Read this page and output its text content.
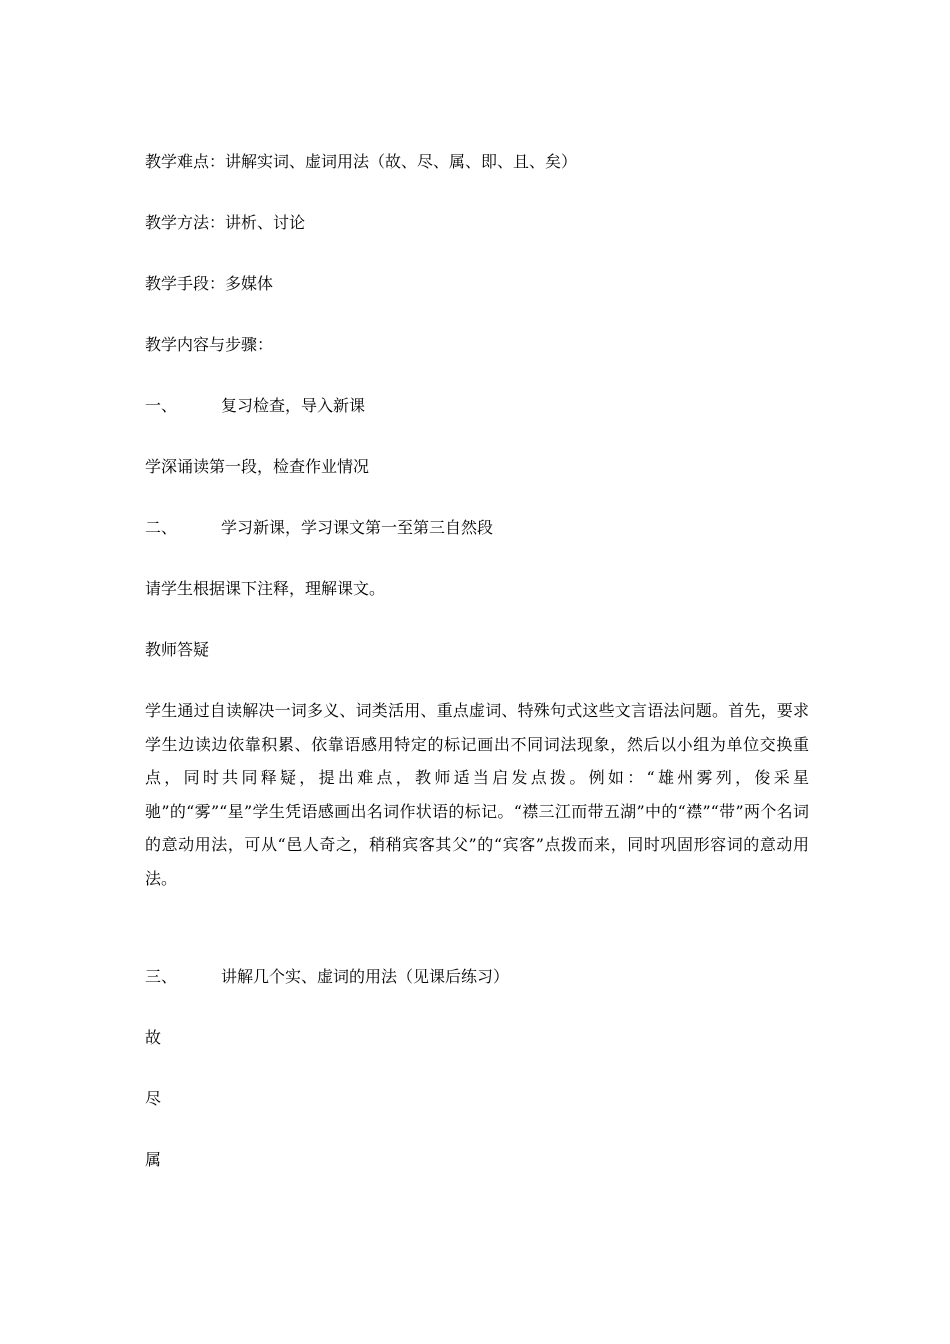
教学难点：讲解实词、虚词用法（故、尽、属、即、且、矣）
教学方法：讲析、讨论
教学手段：多媒体
教学内容与步骤：
一、	复习检查，导入新课
学深诵读第一段，检查作业情况
二、	学习新课，学习课文第一至第三自然段
请学生根据课下注释，理解课文。
教师答疑
学生通过自读解决一词多义、词类活用、重点虚词、特殊句式这些文言语法问题。首先，要求学生边读边依靠积累、依靠语感用特定的标记画出不同词法现象，然后以小组为单位交换重点，同时共同释疑，提出难点，教师适当启发点拨。例如：“雄州雾列，俊采星驰”的“雾”“星”学生凭语感画出名词作状语的标记。“襟三江而带五湖”中的“襟”“带”两个名词的意动用法，可从“邑人奇之，稍稍宾客其父”的“宾客”点拨而来，同时巩固形容词的意动用法。
三、	讲解几个实、虚词的用法（见课后练习）
故
尽
属
